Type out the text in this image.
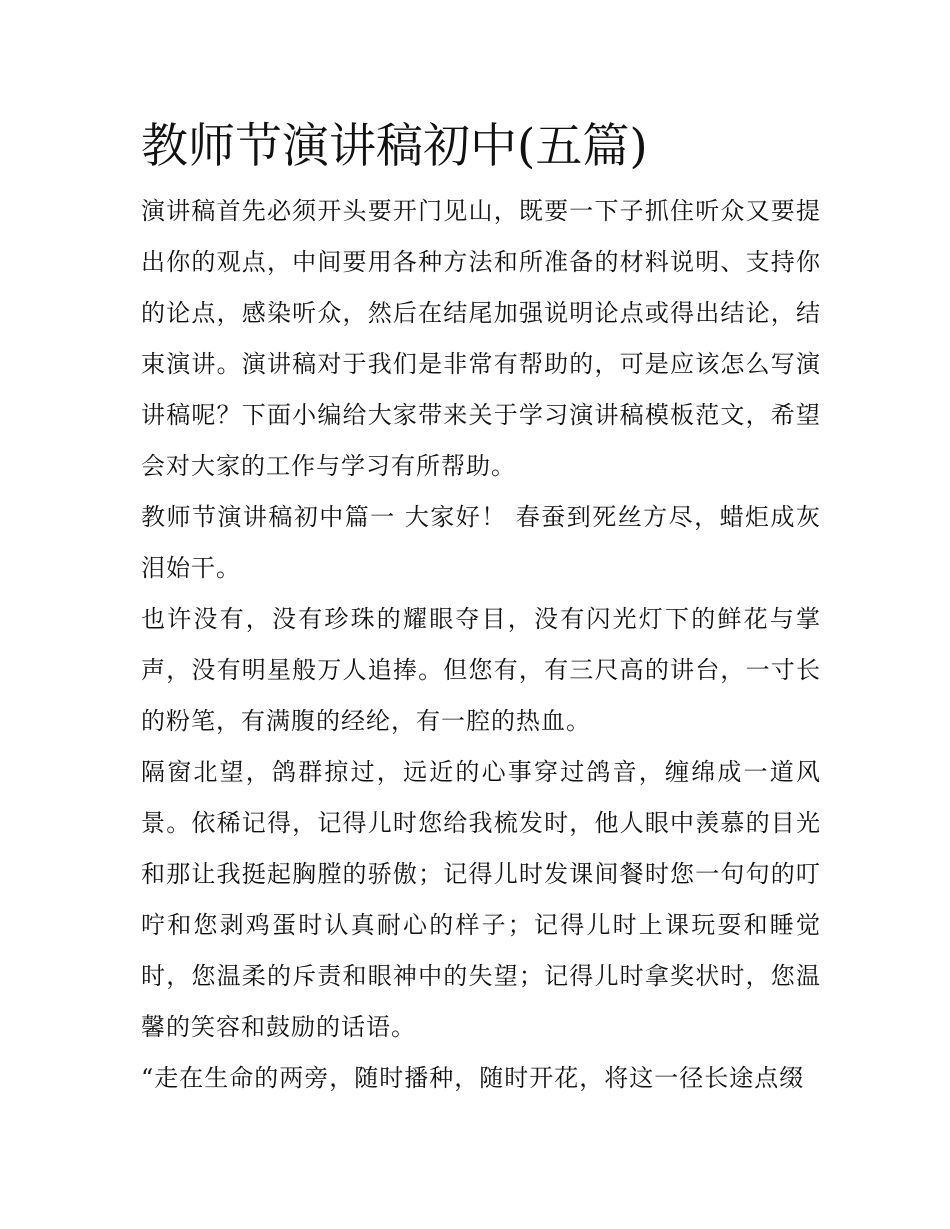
教师节演讲稿初中(五篇)

演讲稿首先必须开头要开门见山，既要一下子抓住听众又要提出你的观点，中间要用各种方法和所准备的材料说明、支持你的论点，感染听众，然后在结尾加强说明论点或得出结论，结束演讲。演讲稿对于我们是非常有帮助的，可是应该怎么写演讲稿呢？下面小编给大家带来关于学习演讲稿模板范文，希望会对大家的工作与学习有所帮助。

教师节演讲稿初中篇一 大家好！ 春蚕到死丝方尽，蜡炬成灰泪始干。

也许没有，没有珍珠的耀眼夺目，没有闪光灯下的鲜花与掌声，没有明星般万人追捧。但您有，有三尺高的讲台，一寸长的粉笔，有满腹的经纶，有一腔的热血。

隔窗北望，鸽群掠过，远近的心事穿过鸽音，缠绵成一道风景。依稀记得，记得儿时您给我梳发时，他人眼中羡慕的目光和那让我挺起胸膛的骄傲；记得儿时发课间餐时您一句句的叮咛和您剥鸡蛋时认真耐心的样子；记得儿时上课玩耍和睡觉时，您温柔的斥责和眼神中的失望；记得儿时拿奖状时，您温馨的笑容和鼓励的话语。

“走在生命的两旁，随时播种，随时开花，将这一径长途点缀
